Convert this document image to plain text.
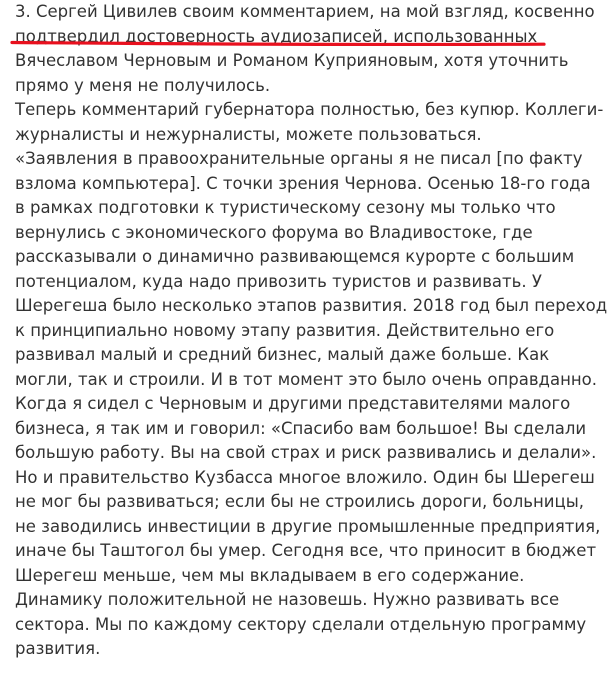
3. Сергей Цивилев своим комментарием, на мой взгляд, косвенно
подтвердил достоверность аудиозаписей, использованных
Вячеславом Черновым и Романом Куприяновым, хотя уточнить
прямо у меня не получилось.

Теперь комментарий губернатора полностью, без купюр. Коллеги-
журналисты и нежурналисты, можете пользоваться.

«Заявления в правоохранительные органы я не писал [по факту
взлома компьютера]. С точки зрения Чернова. Осенью 18-го года
в рамках подготовки к туристическому сезону мы только что
вернулись с экономического форума во Владивостоке, где
рассказывали о динамично развивающемся курорте с большим
потенциалом, куда надо привозить туристов и развивать. У
Шерегеша было несколько этапов развития. 2018 год был переход
к принципиально новому этапу развития. Действительно его
развивал малый и средний бизнес, малый даже больше. Как
могли, так и строили. И в тот момент это было очень оправданно.
Когда я сидел с Черновым и другими представителями малого
бизнеса, я так им и говорил: «Спасибо вам большое! Вы сделали
большую работу. Вы на свой страх и риск развивались и делали».
Но и правительство Кузбасса многое вложило. Один бы Шерегеш
не мог бы развиваться; если бы не строились дороги, больницы,
не заводились инвестиции в другие промышленные предприятия,
иначе бы Таштогол бы умер. Сегодня все, что приносит в бюджет
Шерегеш меньше, чем мы вкладываем в его содержание.
Динамику положительной не назовешь. Нужно развивать все
сектора. Мы по каждому сектору сделали отдельную программу
развития.
